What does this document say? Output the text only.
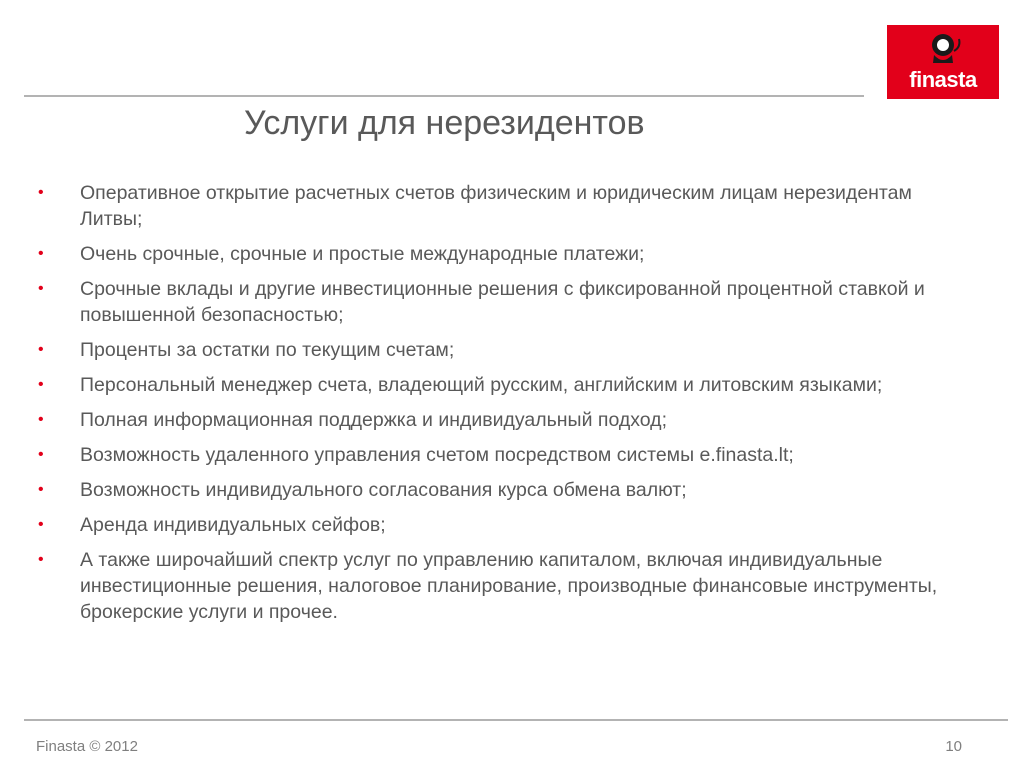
finasta
Услуги для нерезидентов
• Оперативное открытие расчетных счетов физическим и юридическим лицам нерезидентам Литвы;
• Очень срочные, срочные и простые международные платежи;
• Срочные вклады и другие инвестиционные решения с фиксированной процентной ставкой и повышенной безопасностью;
• Проценты за остатки по текущим счетам;
• Персональный менеджер счета, владеющий русским, английским и литовским языками;
• Полная информационная поддержка и индивидуальный подход;
• Возможность удаленного управления счетом посредством системы e.finasta.lt;
• Возможность индивидуального согласования курса обмена валют;
• Аренда индивидуальных сейфов;
• А также широчайший спектр услуг по управлению капиталом, включая индивидуальные инвестиционные решения, налоговое планирование, производные финансовые инструменты, брокерские услуги и прочее.
Finasta © 2012	10
